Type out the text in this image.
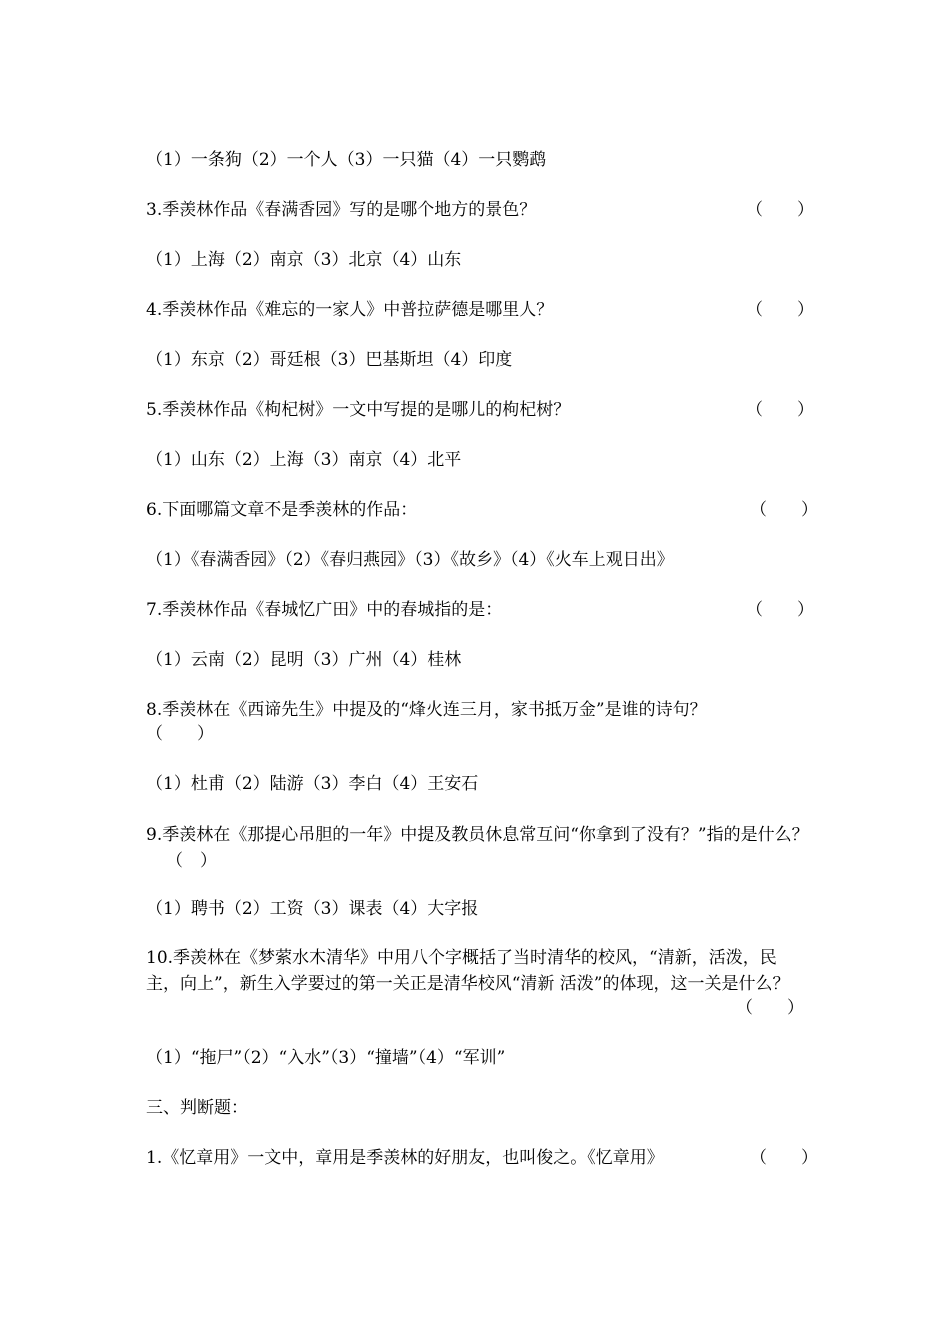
（1）一条狗（2）一个人（3）一只猫（4）一只鹦鹉
3.季羡林作品《春满香园》写的是哪个地方的景色？	（　　）
（1）上海（2）南京（3）北京（4）山东
4.季羡林作品《难忘的一家人》中普拉萨德是哪里人？	（　　）
（1）东京（2）哥廷根（3）巴基斯坦（4）印度
5.季羡林作品《枸杞树》一文中写提的是哪儿的枸杞树？	（　　）
（1）山东（2）上海（3）南京（4）北平
6.下面哪篇文章不是季羡林的作品：	（　　）
（1）《春满香园》（2）《春归燕园》（3）《故乡》（4）《火车上观日出》
7.季羡林作品《春城忆广田》中的春城指的是：	（　　）
（1）云南（2）昆明（3）广州（4）桂林
8.季羡林在《西谛先生》中提及的“烽火连三月，家书抵万金”是谁的诗句？
（　　）
（1）杜甫（2）陆游（3）李白（4）王安石
9.季羡林在《那提心吊胆的一年》中提及教员休息常互问“你拿到了没有？”指的是什么？（　）
（1）聘书（2）工资（3）课表（4）大字报
10.季羡林在《梦萦水木清华》中用八个字概括了当时清华的校风，“清新，活泼，民主，向上”，新生入学要过的第一关正是清华校风“清新 活泼”的体现，这一关是什么？
（　　）
（1）“拖尸”（2）“入水”（3）“撞墙”（4）“军训”
三、判断题：
1.《忆章用》一文中，章用是季羡林的好朋友，也叫俊之。《忆章用》	（　　）
